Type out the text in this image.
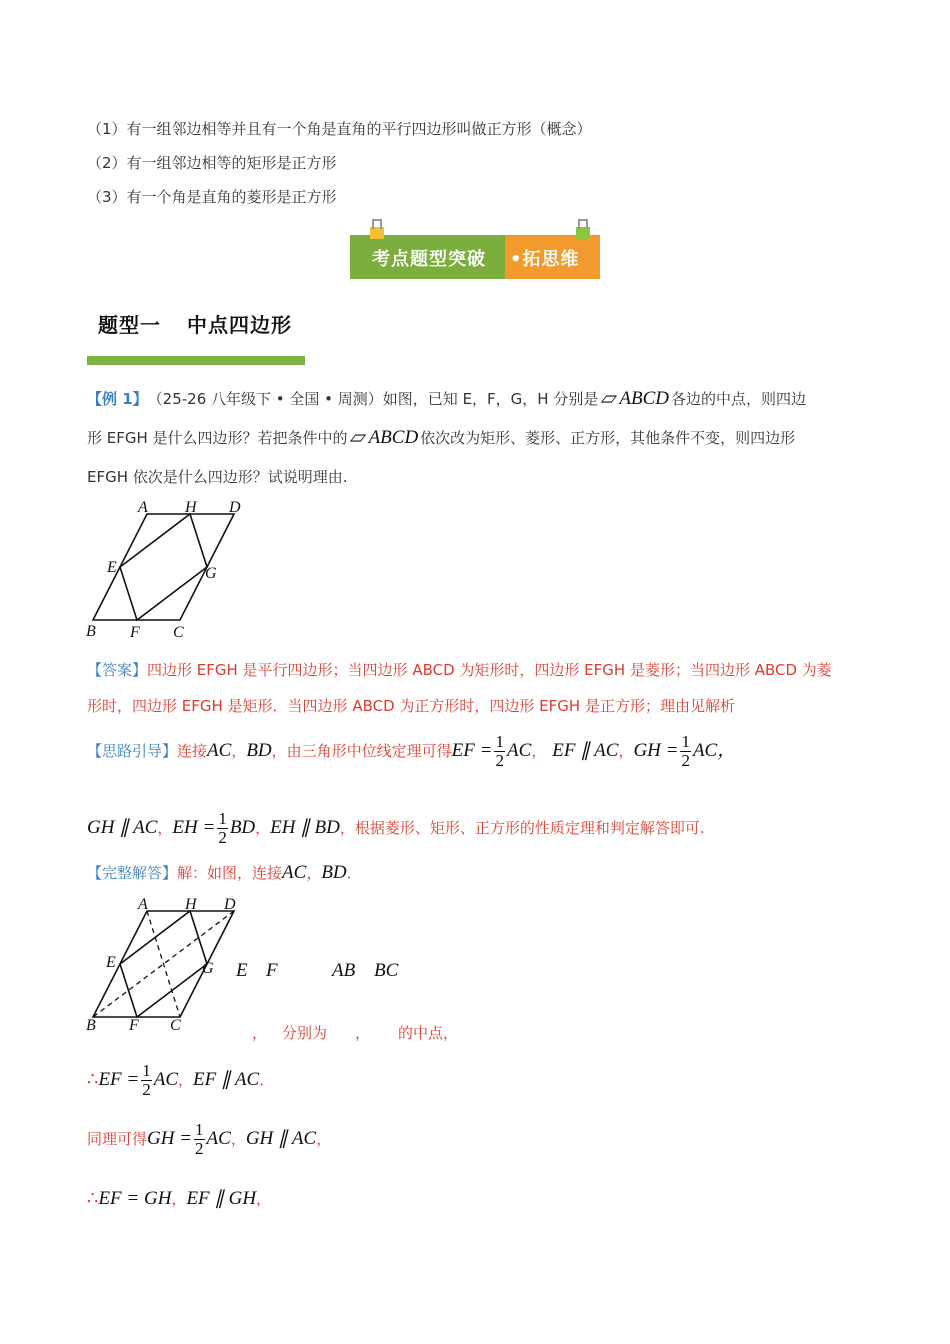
（1）有一组邻边相等并且有一个角是直角的平行四边形叫做正方形（概念）
（2）有一组邻边相等的矩形是正方形
（3）有一个角是直角的菱形是正方形
考点题型突破 •拓思维
题型一 中点四边形
【例 1】 （25-26 八年级下 • 全国 • 周测）如图，已知 E，F，G，H 分别是 ▱ ABCD 各边的中点，则四边
形 EFGH 是什么四边形？若把条件中的 ▱ ABCD 依次改为矩形、菱形、正方形，其他条件不变，则四边形
EFGH 依次是什么四边形？试说明理由.
A H D
E	G
B F C
【答案】 四边形 EFGH 是平行四边形；当四边形 ABCD 为矩形时，四边形 EFGH 是菱形；当四边形 ABCD 为菱
形时，四边形 EFGH 是矩形．当四边形 ABCD 为正方形时，四边形 EFGH 是正方形；理由见解析
【思路引导】 连接 AC ， BD ，由三角形中位线定理可得 EF = $\frac{1}{2}$ AC ， EF ∥ AC ， GH = $\frac{1}{2}$ AC，
GH ∥ AC ， EH = $\frac{1}{2}$ BD ， EH ∥ BD ，根据菱形、矩形、正方形的性质定理和判定解答即可.
【完整解答】 解：如图，连接 AC ， BD ．
A H D
E	G
B F C
E F	AB BC
， 分别为 ， 的中点，
∴ EF = $\frac{1}{2}$ AC ， EF ∥ AC ．
同理可得 GH = $\frac{1}{2}$ AC ， GH ∥ AC ，
∴ EF = GH ， EF ∥ GH ，
